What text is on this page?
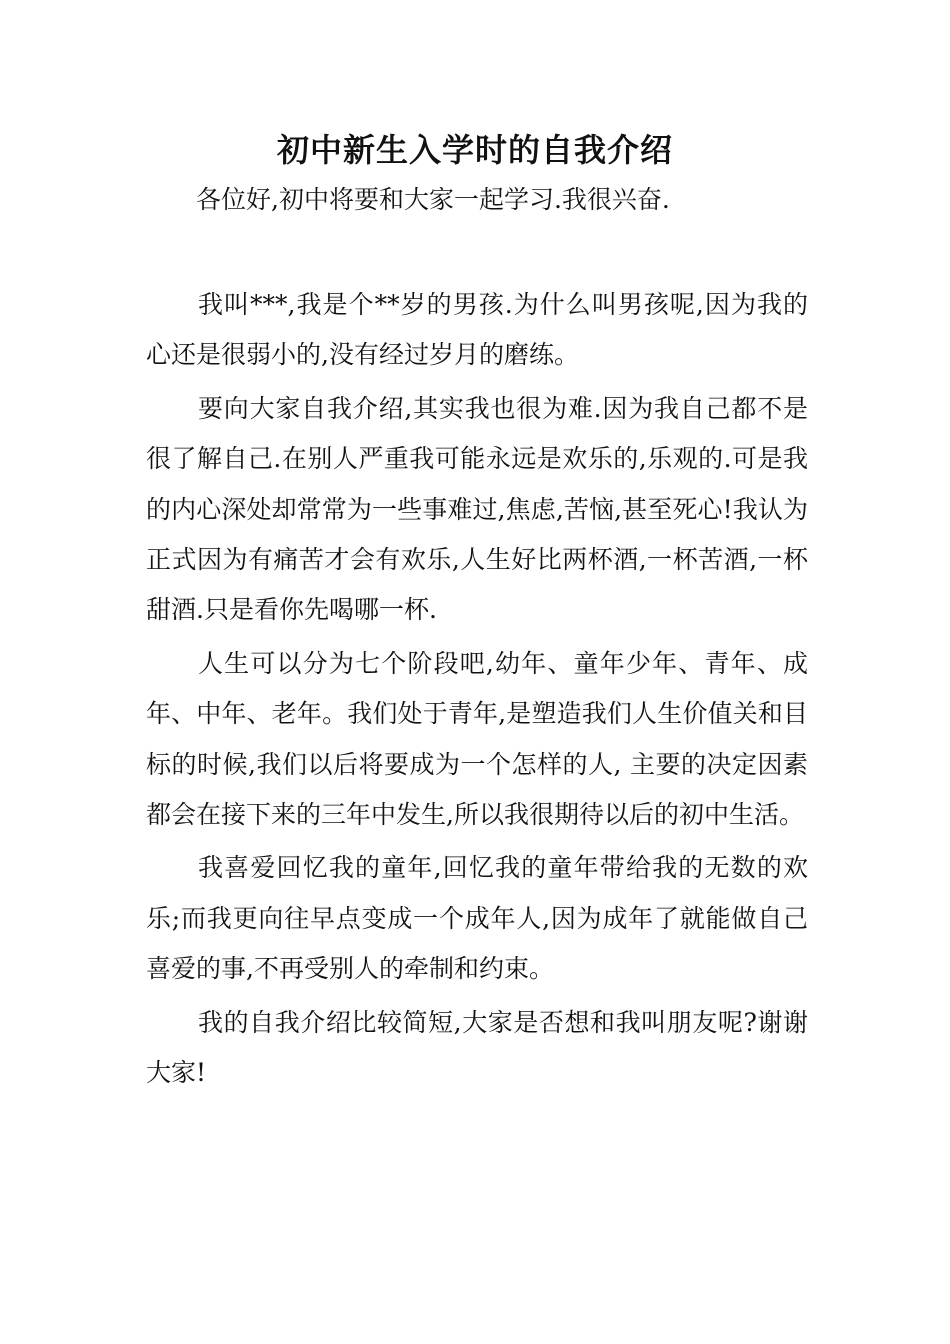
初中新生入学时的自我介绍

各位好,初中将要和大家一起学习.我很兴奋.

我叫***,我是个**岁的男孩.为什么叫男孩呢,因为我的心还是很弱小的,没有经过岁月的磨练。

要向大家自我介绍,其实我也很为难.因为我自己都不是很了解自己.在别人严重我可能永远是欢乐的,乐观的.可是我的内心深处却常常为一些事难过,焦虑,苦恼,甚至死心!我认为正式因为有痛苦才会有欢乐,人生好比两杯酒,一杯苦酒,一杯甜酒.只是看你先喝哪一杯.

人生可以分为七个阶段吧,幼年、童年少年、青年、成年、中年、老年。我们处于青年,是塑造我们人生价值关和目标的时候,我们以后将要成为一个怎样的人, 主要的决定因素都会在接下来的三年中发生,所以我很期待以后的初中生活。

我喜爱回忆我的童年,回忆我的童年带给我的无数的欢乐;而我更向往早点变成一个成年人,因为成年了就能做自己喜爱的事,不再受别人的牵制和约束。

我的自我介绍比较简短,大家是否想和我叫朋友呢?谢谢大家!
